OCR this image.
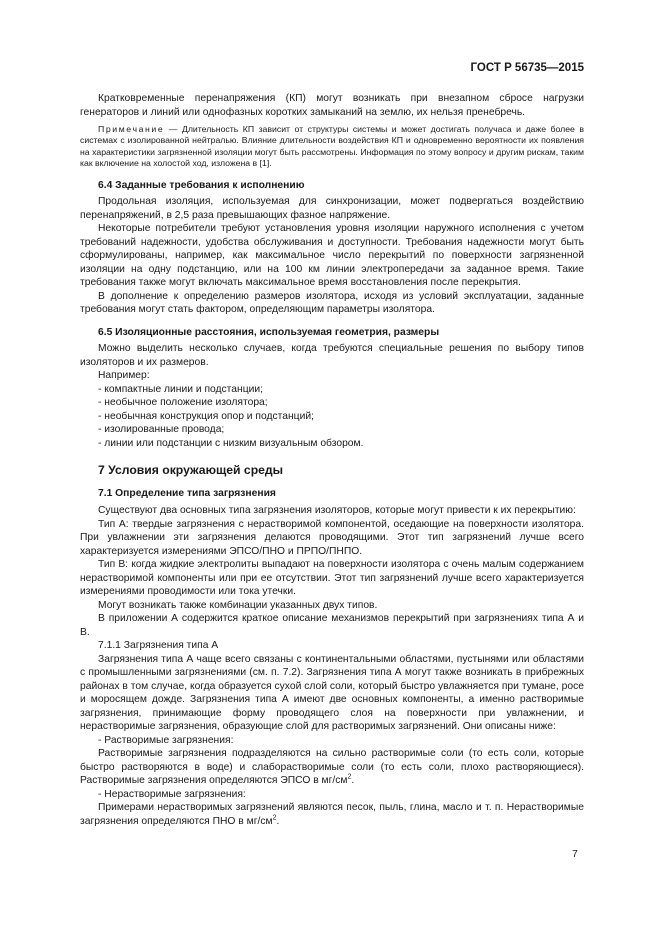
ГОСТ Р 56735—2015

Кратковременные перенапряжения (КП) могут возникать при внезапном сбросе нагрузки генераторов и линий или однофазных коротких замыканий на землю, их нельзя пренебречь.

Примечание — Длительность КП зависит от структуры системы и может достигать получаса и даже более в системах с изолированной нейтралью. Влияние длительности воздействия КП и одновременно вероятности их появления на характеристики загрязненной изоляции могут быть рассмотрены. Информация по этому вопросу и другим рискам, таким как включение на холостой ход, изложена в [1].

6.4 Заданные требования к исполнению

Продольная изоляция, используемая для синхронизации, может подвергаться воздействию перенапряжений, в 2,5 раза превышающих фазное напряжение.

Некоторые потребители требуют установления уровня изоляции наружного исполнения с учетом требований надежности, удобства обслуживания и доступности. Требования надежности могут быть сформулированы, например, как максимальное число перекрытий по поверхности загрязненной изоляции на одну подстанцию, или на 100 км линии электропередачи за заданное время. Такие требования также могут включать максимальное время восстановления после перекрытия.

В дополнение к определению размеров изолятора, исходя из условий эксплуатации, заданные требования могут стать фактором, определяющим параметры изолятора.

6.5 Изоляционные расстояния, используемая геометрия, размеры

Можно выделить несколько случаев, когда требуются специальные решения по выбору типов изоляторов и их размеров.

Например:

- компактные линии и подстанции;

- необычное положение изолятора;

- необычная конструкция опор и подстанций;

- изолированные провода;

- линии или подстанции с низким визуальным обзором.

7 Условия окружающей среды

7.1 Определение типа загрязнения

Существуют два основных типа загрязнения изоляторов, которые могут привести к их перекрытию:

Тип А: твердые загрязнения с нерастворимой компонентой, оседающие на поверхности изолятора. При увлажнении эти загрязнения делаются проводящими. Этот тип загрязнений лучше всего характеризуется измерениями ЭПСО/ПНО и ПРПО/ПНПО.

Тип В: когда жидкие электролиты выпадают на поверхности изолятора с очень малым содержанием нерастворимой компоненты или при ее отсутствии. Этот тип загрязнений лучше всего характеризуется измерениями проводимости или тока утечки.

Могут возникать также комбинации указанных двух типов.

В приложении А содержится краткое описание механизмов перекрытий при загрязнениях типа А и В.

7.1.1 Загрязнения типа А

Загрязнения типа А чаще всего связаны с континентальными областями, пустынями или областями с промышленными загрязнениями (см. п. 7.2). Загрязнения типа А могут также возникать в прибрежных районах в том случае, когда образуется сухой слой соли, который быстро увлажняется при тумане, росе и моросящем дожде. Загрязнения типа А имеют две основных компоненты, а именно растворимые загрязнения, принимающие форму проводящего слоя на поверхности при увлажнении, и нерастворимые загрязнения, образующие слой для растворимых загрязнений. Они описаны ниже:

- Растворимые загрязнения:

Растворимые загрязнения подразделяются на сильно растворимые соли (то есть соли, которые быстро растворяются в воде) и слаборастворимые соли (то есть соли, плохо растворяющиеся). Растворимые загрязнения определяются ЭПСО в $мг/см^2$.

- Нерастворимые загрязнения:

Примерами нерастворимых загрязнений являются песок, пыль, глина, масло и т. п. Нерастворимые загрязнения определяются ПНО в $мг/см^2$.

7
